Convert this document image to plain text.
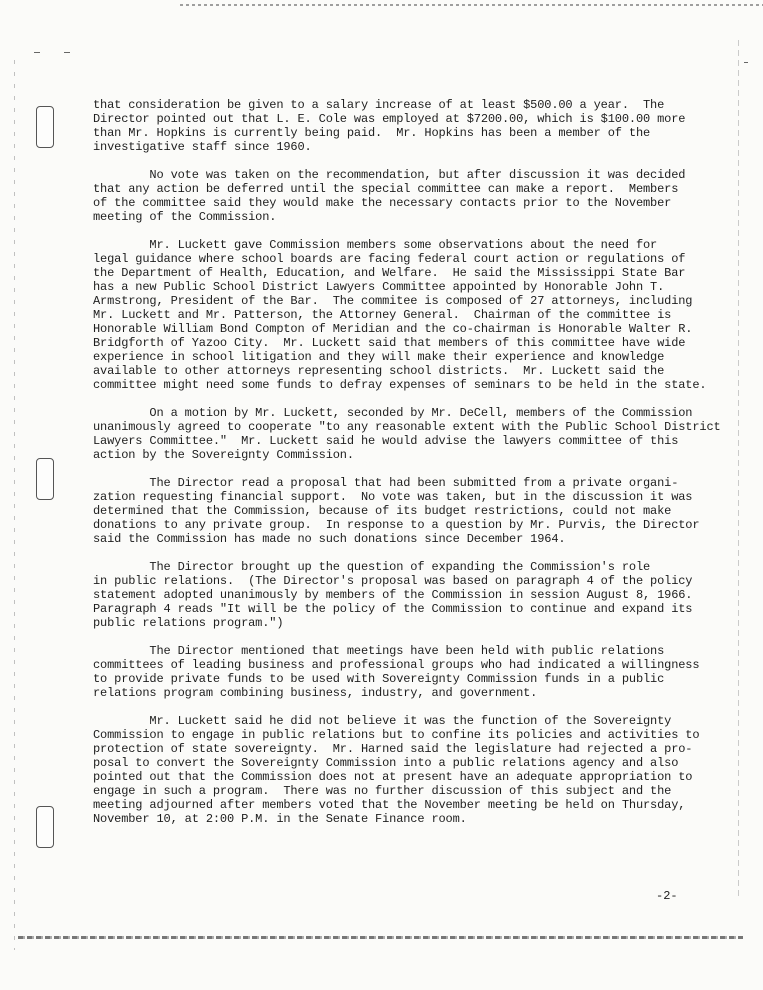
that consideration be given to a salary increase of at least $500.00 a year.  The
Director pointed out that L. E. Cole was employed at $7200.00, which is $100.00 more
than Mr. Hopkins is currently being paid.  Mr. Hopkins has been a member of the
investigative staff since 1960.
No vote was taken on the recommendation, but after discussion it was decided
that any action be deferred until the special committee can make a report.  Members
of the committee said they would make the necessary contacts prior to the November
meeting of the Commission.
Mr. Luckett gave Commission members some observations about the need for
legal guidance where school boards are facing federal court action or regulations of
the Department of Health, Education, and Welfare.  He said the Mississippi State Bar
has a new Public School District Lawyers Committee appointed by Honorable John T.
Armstrong, President of the Bar.  The commitee is composed of 27 attorneys, including
Mr. Luckett and Mr. Patterson, the Attorney General.  Chairman of the committee is
Honorable William Bond Compton of Meridian and the co-chairman is Honorable Walter R.
Bridgforth of Yazoo City.  Mr. Luckett said that members of this committee have wide
experience in school litigation and they will make their experience and knowledge
available to other attorneys representing school districts.  Mr. Luckett said the
committee might need some funds to defray expenses of seminars to be held in the state.
On a motion by Mr. Luckett, seconded by Mr. DeCell, members of the Commission
unanimously agreed to cooperate "to any reasonable extent with the Public School District
Lawyers Committee."  Mr. Luckett said he would advise the lawyers committee of this
action by the Sovereignty Commission.
The Director read a proposal that had been submitted from a private organi-
zation requesting financial support.  No vote was taken, but in the discussion it was
determined that the Commission, because of its budget restrictions, could not make
donations to any private group.  In response to a question by Mr. Purvis, the Director
said the Commission has made no such donations since December 1964.
The Director brought up the question of expanding the Commission's role
in public relations.  (The Director's proposal was based on paragraph 4 of the policy
statement adopted unanimously by members of the Commission in session August 8, 1966.
Paragraph 4 reads "It will be the policy of the Commission to continue and expand its
public relations program.")
The Director mentioned that meetings have been held with public relations
committees of leading business and professional groups who had indicated a willingness
to provide private funds to be used with Sovereignty Commission funds in a public
relations program combining business, industry, and government.
Mr. Luckett said he did not believe it was the function of the Sovereignty
Commission to engage in public relations but to confine its policies and activities to
protection of state sovereignty.  Mr. Harned said the legislature had rejected a pro-
posal to convert the Sovereignty Commission into a public relations agency and also
pointed out that the Commission does not at present have an adequate appropriation to
engage in such a program.  There was no further discussion of this subject and the
meeting adjourned after members voted that the November meeting be held on Thursday,
November 10, at 2:00 P.M. in the Senate Finance room.
-2-
